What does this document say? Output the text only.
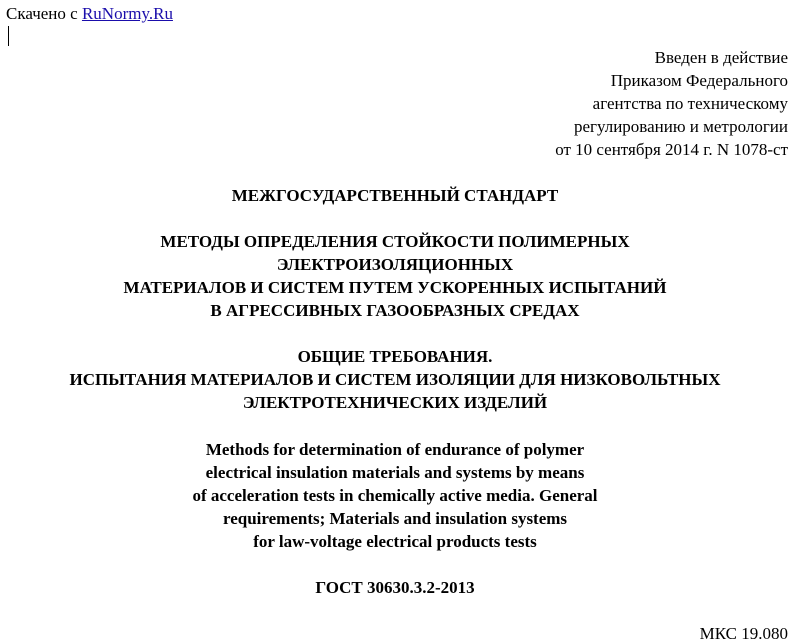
Скачено с RuNormy.Ru
Введен в действие
Приказом Федерального
агентства по техническому
регулированию и метрологии
от 10 сентября 2014 г. N 1078-ст
МЕЖГОСУДАРСТВЕННЫЙ СТАНДАРТ
МЕТОДЫ ОПРЕДЕЛЕНИЯ СТОЙКОСТИ ПОЛИМЕРНЫХ
ЭЛЕКТРОИЗОЛЯЦИОННЫХ
МАТЕРИАЛОВ И СИСТЕМ ПУТЕМ УСКОРЕННЫХ ИСПЫТАНИЙ
В АГРЕССИВНЫХ ГАЗООБРАЗНЫХ СРЕДАХ
ОБЩИЕ ТРЕБОВАНИЯ.
ИСПЫТАНИЯ МАТЕРИАЛОВ И СИСТЕМ ИЗОЛЯЦИИ ДЛЯ НИЗКОВОЛЬТНЫХ
ЭЛЕКТРОТЕХНИЧЕСКИХ ИЗДЕЛИЙ
Methods for determination of endurance of polymer
electrical insulation materials and systems by means
of acceleration tests in chemically active media. General
requirements; Materials and insulation systems
for law-voltage electrical products tests
ГОСТ 30630.3.2-2013
МКС 19.080
